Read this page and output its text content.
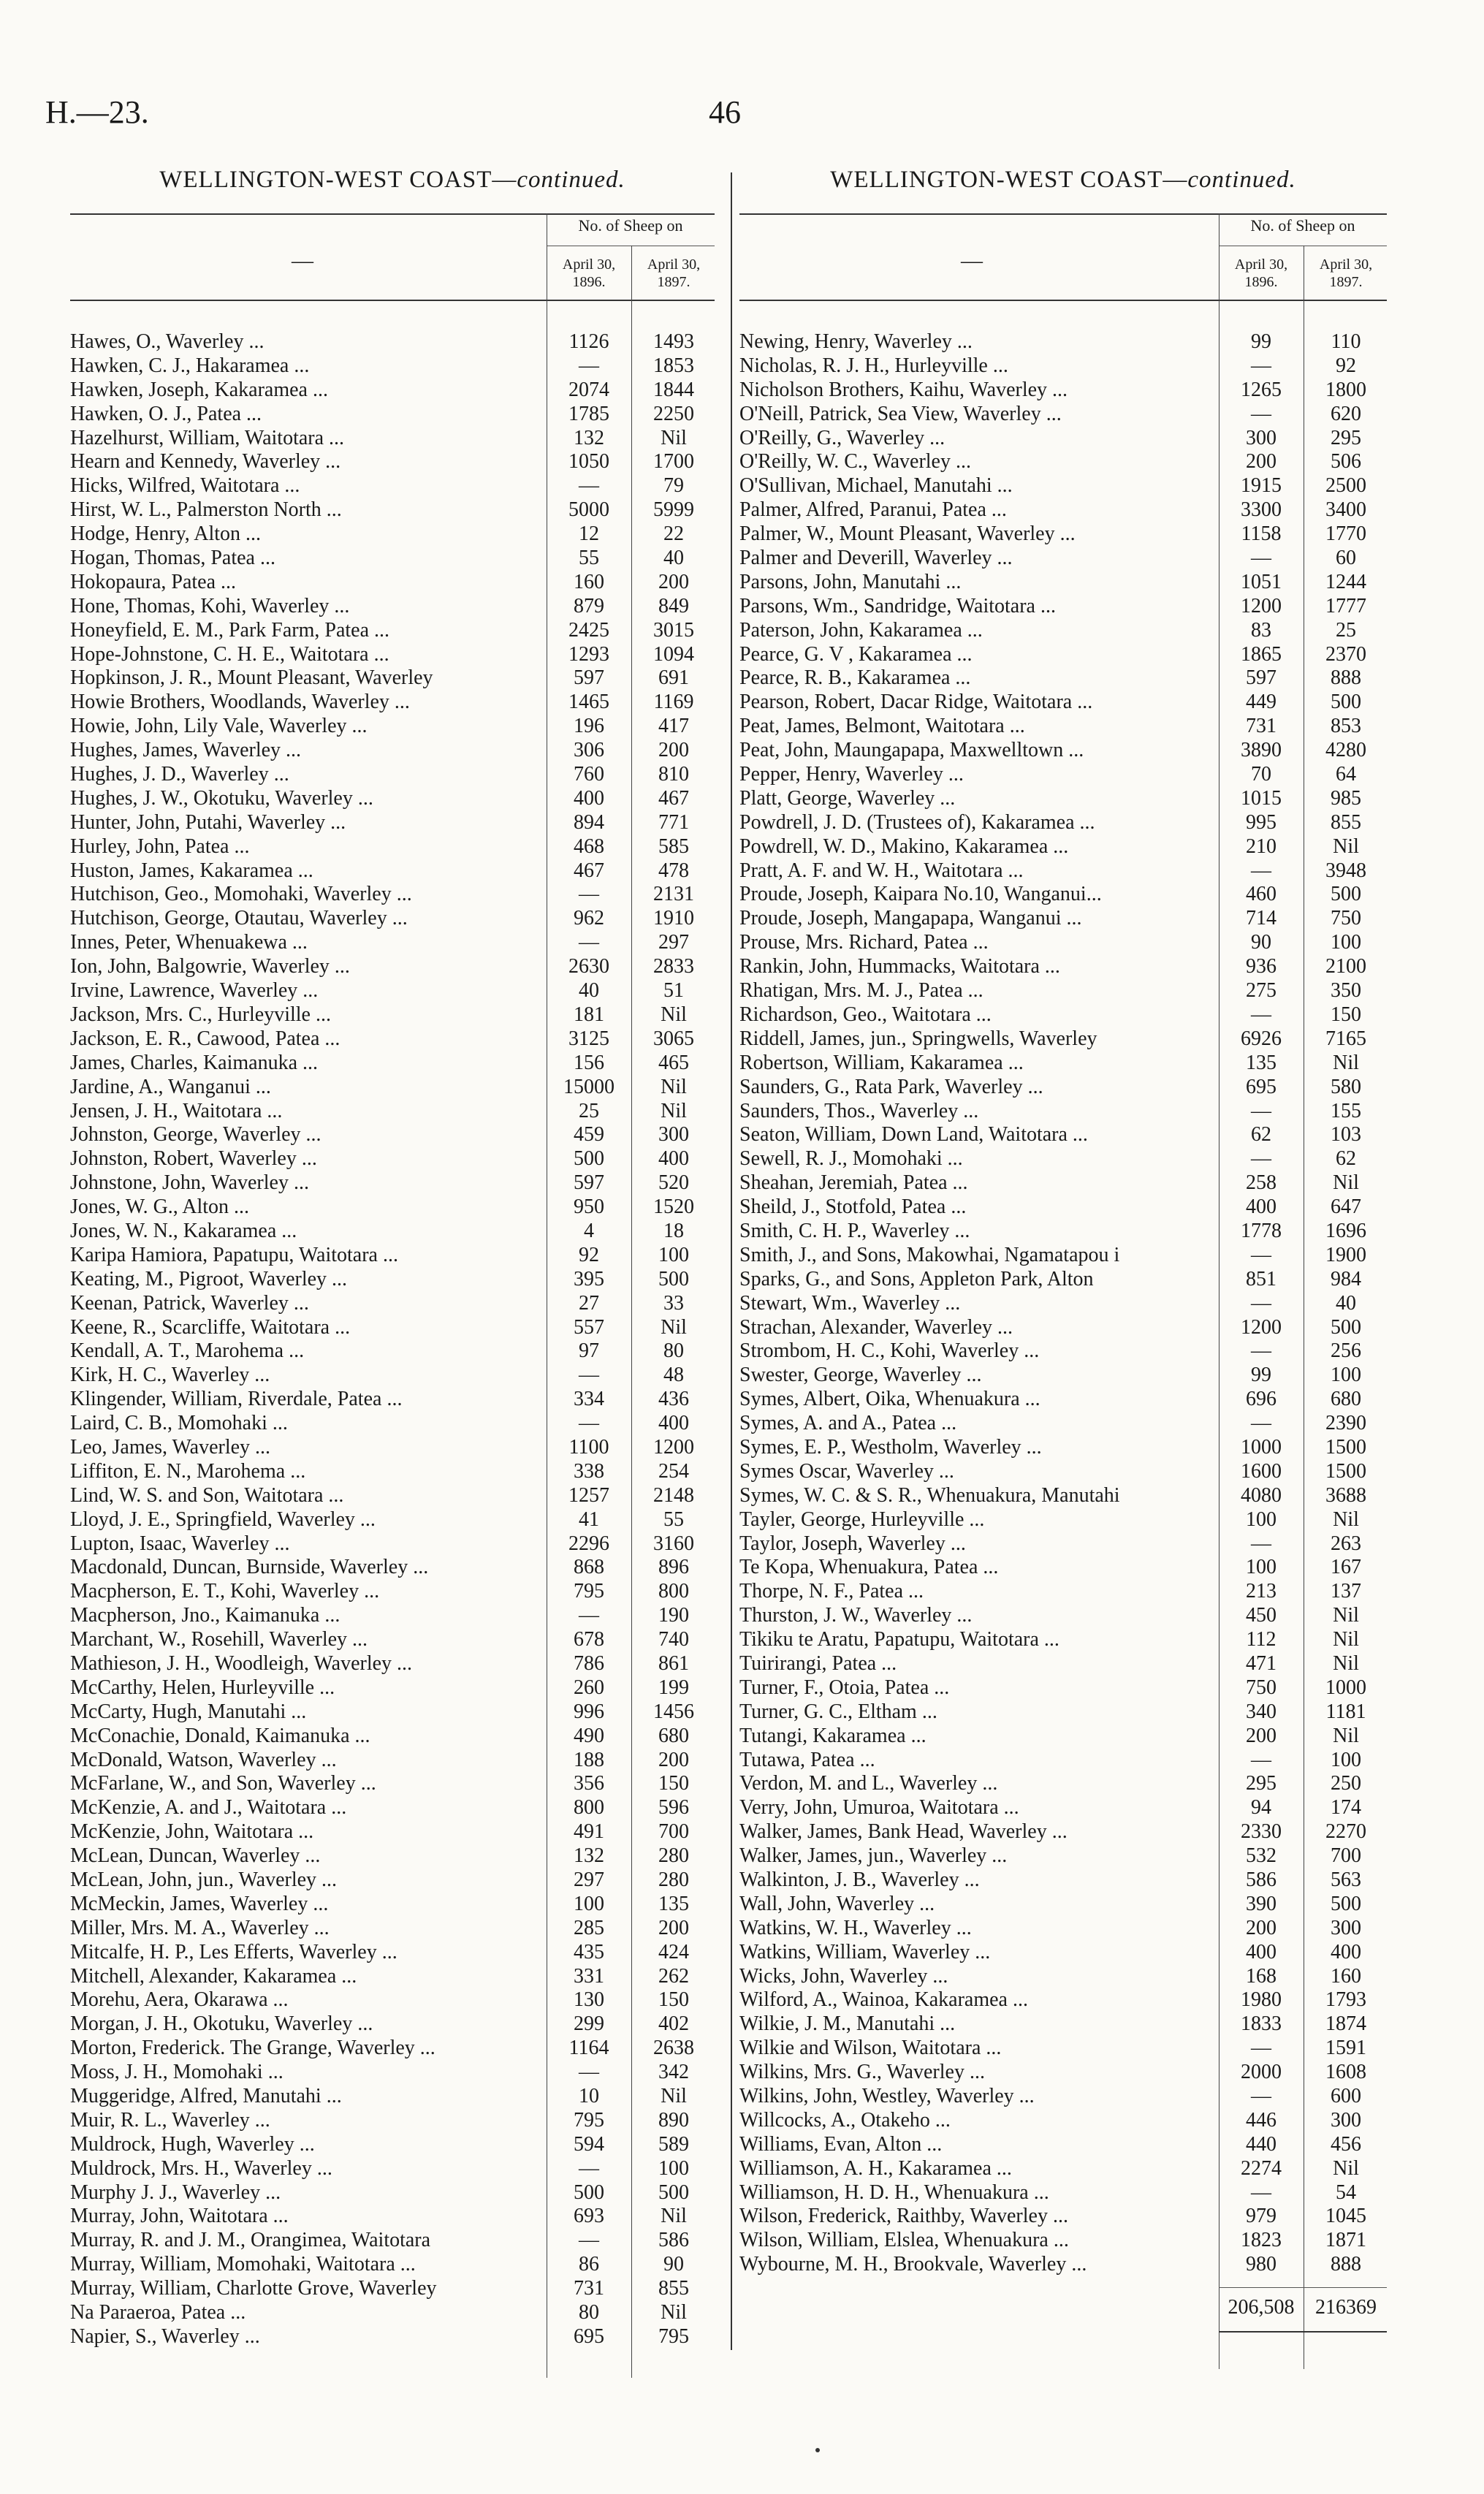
H.—23.	46
WELLINGTON-WEST COAST—continued.
—
No. of Sheep on
April 30,
1896.
April 30,
1897.
Hawes, O., Waverley ...	1126	1493
Hawken, C. J., Hakaramea ...	—	1853
Hawken, Joseph, Kakaramea ...	2074	1844
Hawken, O. J., Patea ...	1785	2250
Hazelhurst, William, Waitotara ...	132	Nil
Hearn and Kennedy, Waverley ...	1050	1700
Hicks, Wilfred, Waitotara ...	—	79
Hirst, W. L., Palmerston North ...	5000	5999
Hodge, Henry, Alton ...	12	22
Hogan, Thomas, Patea ...	55	40
Hokopaura, Patea ...	160	200
Hone, Thomas, Kohi, Waverley ...	879	849
Honeyfield, E. M., Park Farm, Patea ...	2425	3015
Hope-Johnstone, C. H. E., Waitotara ...	1293	1094
Hopkinson, J. R., Mount Pleasant, Waverley	597	691
Howie Brothers, Woodlands, Waverley ...	1465	1169
Howie, John, Lily Vale, Waverley ...	196	417
Hughes, James, Waverley ...	306	200
Hughes, J. D., Waverley ...	760	810
Hughes, J. W., Okotuku, Waverley ...	400	467
Hunter, John, Putahi, Waverley ...	894	771
Hurley, John, Patea ...	468	585
Huston, James, Kakaramea ...	467	478
Hutchison, Geo., Momohaki, Waverley ...	—	2131
Hutchison, George, Otautau, Waverley ...	962	1910
Innes, Peter, Whenuakewa ...	—	297
Ion, John, Balgowrie, Waverley ...	2630	2833
Irvine, Lawrence, Waverley ...	40	51
Jackson, Mrs. C., Hurleyville ...	181	Nil
Jackson, E. R., Cawood, Patea ...	3125	3065
James, Charles, Kaimanuka ...	156	465
Jardine, A., Wanganui ...	15000	Nil
Jensen, J. H., Waitotara ...	25	Nil
Johnston, George, Waverley ...	459	300
Johnston, Robert, Waverley ...	500	400
Johnstone, John, Waverley ...	597	520
Jones, W. G., Alton ...	950	1520
Jones, W. N., Kakaramea ...	4	18
Karipa Hamiora, Papatupu, Waitotara ...	92	100
Keating, M., Pigroot, Waverley ...	395	500
Keenan, Patrick, Waverley ...	27	33
Keene, R., Scarcliffe, Waitotara ...	557	Nil
Kendall, A. T., Marohema ...	97	80
Kirk, H. C., Waverley ...	—	48
Klingender, William, Riverdale, Patea ...	334	436
Laird, C. B., Momohaki ...	—	400
Leo, James, Waverley ...	1100	1200
Liffiton, E. N., Marohema ...	338	254
Lind, W. S. and Son, Waitotara ...	1257	2148
Lloyd, J. E., Springfield, Waverley ...	41	55
Lupton, Isaac, Waverley ...	2296	3160
Macdonald, Duncan, Burnside, Waverley ...	868	896
Macpherson, E. T., Kohi, Waverley ...	795	800
Macpherson, Jno., Kaimanuka ...	—	190
Marchant, W., Rosehill, Waverley ...	678	740
Mathieson, J. H., Woodleigh, Waverley ...	786	861
McCarthy, Helen, Hurleyville ...	260	199
McCarty, Hugh, Manutahi ...	996	1456
McConachie, Donald, Kaimanuka ...	490	680
McDonald, Watson, Waverley ...	188	200
McFarlane, W., and Son, Waverley ...	356	150
McKenzie, A. and J., Waitotara ...	800	596
McKenzie, John, Waitotara ...	491	700
McLean, Duncan, Waverley ...	132	280
McLean, John, jun., Waverley ...	297	280
McMeckin, James, Waverley ...	100	135
Miller, Mrs. M. A., Waverley ...	285	200
Mitcalfe, H. P., Les Efferts, Waverley ...	435	424
Mitchell, Alexander, Kakaramea ...	331	262
Morehu, Aera, Okarawa ...	130	150
Morgan, J. H., Okotuku, Waverley ...	299	402
Morton, Frederick. The Grange, Waverley ...	1164	2638
Moss, J. H., Momohaki ...	—	342
Muggeridge, Alfred, Manutahi ...	10	Nil
Muir, R. L., Waverley ...	795	890
Muldrock, Hugh, Waverley ...	594	589
Muldrock, Mrs. H., Waverley ...	—	100
Murphy J. J., Waverley ...	500	500
Murray, John, Waitotara ...	693	Nil
Murray, R. and J. M., Orangimea, Waitotara	—	586
Murray, William, Momohaki, Waitotara ...	86	90
Murray, William, Charlotte Grove, Waverley	731	855
Na Paraeroa, Patea ...	80	Nil
Napier, S., Waverley ...	695	795
WELLINGTON-WEST COAST—continued.
—
No. of Sheep on
April 30,
1896.
April 30,
1897.
Newing, Henry, Waverley ...	99	110
Nicholas, R. J. H., Hurleyville ...	—	92
Nicholson Brothers, Kaihu, Waverley ...	1265	1800
O'Neill, Patrick, Sea View, Waverley ...	—	620
O'Reilly, G., Waverley ...	300	295
O'Reilly, W. C., Waverley ...	200	506
O'Sullivan, Michael, Manutahi ...	1915	2500
Palmer, Alfred, Paranui, Patea ...	3300	3400
Palmer, W., Mount Pleasant, Waverley ...	1158	1770
Palmer and Deverill, Waverley ...	—	60
Parsons, John, Manutahi ...	1051	1244
Parsons, Wm., Sandridge, Waitotara ...	1200	1777
Paterson, John, Kakaramea ...	83	25
Pearce, G. V , Kakaramea ...	1865	2370
Pearce, R. B., Kakaramea ...	597	888
Pearson, Robert, Dacar Ridge, Waitotara ...	449	500
Peat, James, Belmont, Waitotara ...	731	853
Peat, John, Maungapapa, Maxwelltown ...	3890	4280
Pepper, Henry, Waverley ...	70	64
Platt, George, Waverley ...	1015	985
Powdrell, J. D. (Trustees of), Kakaramea ...	995	855
Powdrell, W. D., Makino, Kakaramea ...	210	Nil
Pratt, A. F. and W. H., Waitotara ...	—	3948
Proude, Joseph, Kaipara No.10, Wanganui...	460	500
Proude, Joseph, Mangapapa, Wanganui ...	714	750
Prouse, Mrs. Richard, Patea ...	90	100
Rankin, John, Hummacks, Waitotara ...	936	2100
Rhatigan, Mrs. M. J., Patea ...	275	350
Richardson, Geo., Waitotara ...	—	150
Riddell, James, jun., Springwells, Waverley	6926	7165
Robertson, William, Kakaramea ...	135	Nil
Saunders, G., Rata Park, Waverley ...	695	580
Saunders, Thos., Waverley ...	—	155
Seaton, William, Down Land, Waitotara ...	62	103
Sewell, R. J., Momohaki ...	—	62
Sheahan, Jeremiah, Patea ...	258	Nil
Sheild, J., Stotfold, Patea ...	400	647
Smith, C. H. P., Waverley ...	1778	1696
Smith, J., and Sons, Makowhai, Ngamatapou i	—	1900
Sparks, G., and Sons, Appleton Park, Alton	851	984
Stewart, Wm., Waverley ...	—	40
Strachan, Alexander, Waverley ...	1200	500
Strombom, H. C., Kohi, Waverley ...	—	256
Swester, George, Waverley ...	99	100
Symes, Albert, Oika, Whenuakura ...	696	680
Symes, A. and A., Patea ...	—	2390
Symes, E. P., Westholm, Waverley ...	1000	1500
Symes Oscar, Waverley ...	1600	1500
Symes, W. C. & S. R., Whenuakura, Manutahi	4080	3688
Tayler, George, Hurleyville ...	100	Nil
Taylor, Joseph, Waverley ...	—	263
Te Kopa, Whenuakura, Patea ...	100	167
Thorpe, N. F., Patea ...	213	137
Thurston, J. W., Waverley ...	450	Nil
Tikiku te Aratu, Papatupu, Waitotara ...	112	Nil
Tuirirangi, Patea ...	471	Nil
Turner, F., Otoia, Patea ...	750	1000
Turner, G. C., Eltham ...	340	1181
Tutangi, Kakaramea ...	200	Nil
Tutawa, Patea ...	—	100
Verdon, M. and L., Waverley ...	295	250
Verry, John, Umuroa, Waitotara ...	94	174
Walker, James, Bank Head, Waverley ...	2330	2270
Walker, James, jun., Waverley ...	532	700
Walkinton, J. B., Waverley ...	586	563
Wall, John, Waverley ...	390	500
Watkins, W. H., Waverley ...	200	300
Watkins, William, Waverley ...	400	400
Wicks, John, Waverley ...	168	160
Wilford, A., Wainoa, Kakaramea ...	1980	1793
Wilkie, J. M., Manutahi ...	1833	1874
Wilkie and Wilson, Waitotara ...	—	1591
Wilkins, Mrs. G., Waverley ...	2000	1608
Wilkins, John, Westley, Waverley ...	—	600
Willcocks, A., Otakeho ...	446	300
Williams, Evan, Alton ...	440	456
Williamson, A. H., Kakaramea ...	2274	Nil
Williamson, H. D. H., Whenuakura ...	—	54
Wilson, Frederick, Raithby, Waverley ...	979	1045
Wilson, William, Elslea, Whenuakura ...	1823	1871
Wybourne, M. H., Brookvale, Waverley ...	980	888
206,508	216369
